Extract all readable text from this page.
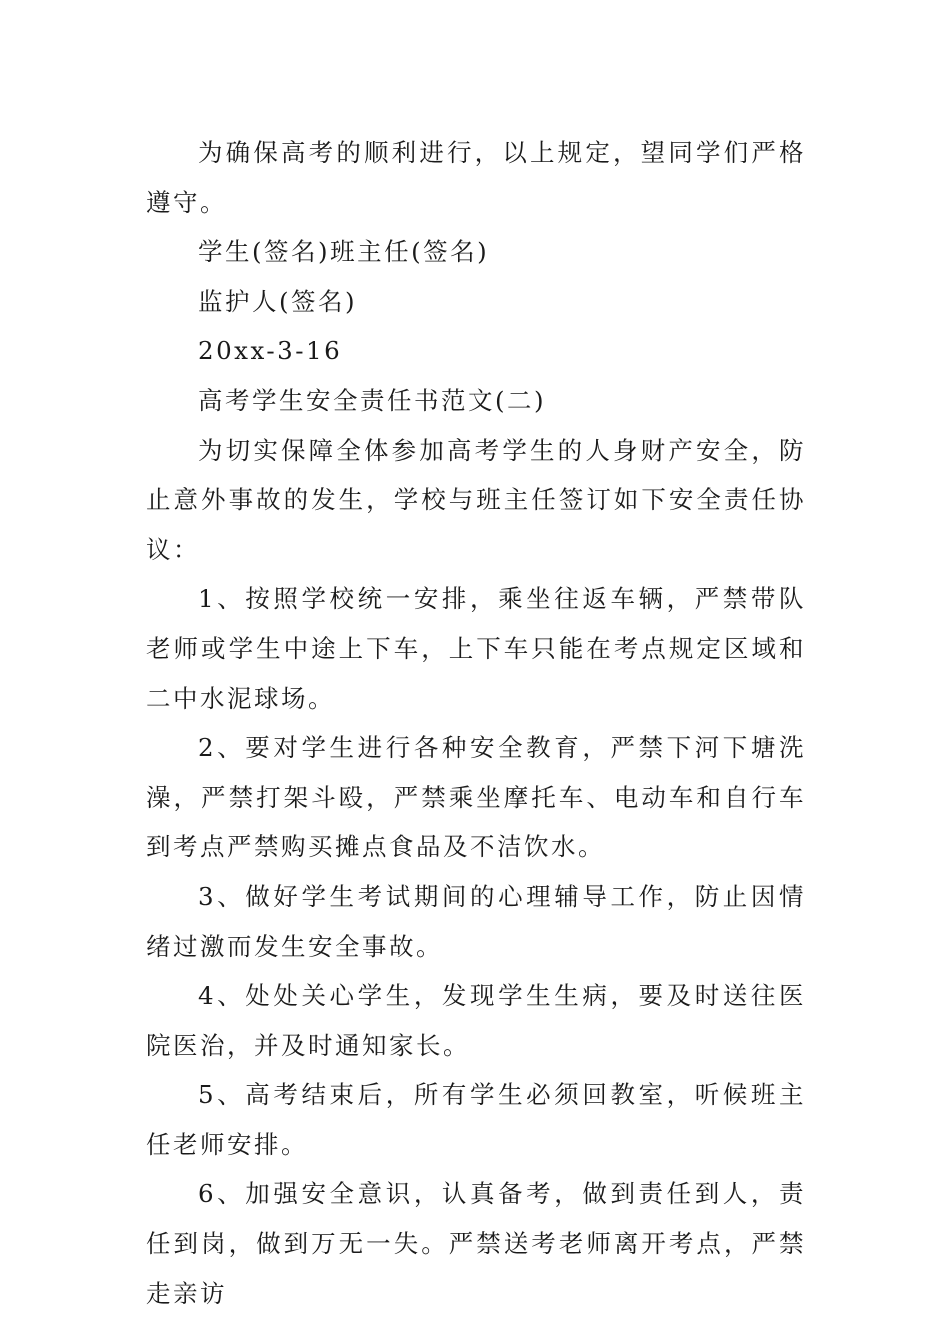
为确保高考的顺利进行，以上规定，望同学们严格遵守。

学生(签名)班主任(签名)

监护人(签名)

20xx-3-16

高考学生安全责任书范文(二)

为切实保障全体参加高考学生的人身财产安全，防止意外事故的发生，学校与班主任签订如下安全责任协议：

1、按照学校统一安排，乘坐往返车辆，严禁带队老师或学生中途上下车，上下车只能在考点规定区域和二中水泥球场。

2、要对学生进行各种安全教育，严禁下河下塘洗澡，严禁打架斗殴，严禁乘坐摩托车、电动车和自行车到考点严禁购买摊点食品及不洁饮水。

3、做好学生考试期间的心理辅导工作，防止因情绪过激而发生安全事故。

4、处处关心学生，发现学生生病，要及时送往医院医治，并及时通知家长。

5、高考结束后，所有学生必须回教室，听候班主任老师安排。

6、加强安全意识，认真备考，做到责任到人，责任到岗，做到万无一失。严禁送考老师离开考点，严禁走亲访
